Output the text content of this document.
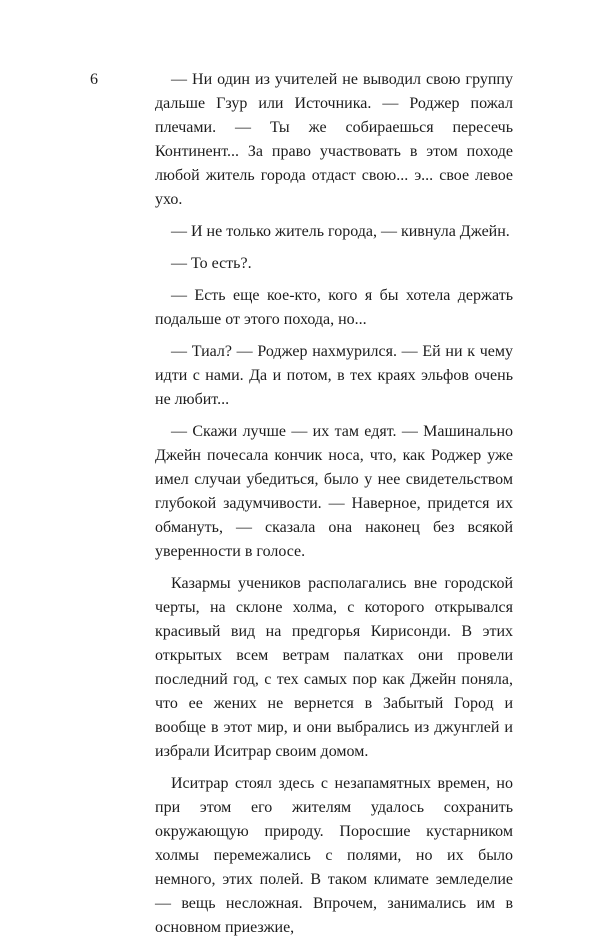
6	— Ни один из учителей не выводил свою группу дальше Гзур или Источника. — Роджер пожал плечами. — Ты же собираешься пересечь Континент... За право участвовать в этом походе любой житель города отдаст свою... э... свое левое ухо.

— И не только житель города, — кивнула Джейн.

— То есть?.

— Есть еще кое-кто, кого я бы хотела держать подальше от этого похода, но...

— Тиал? — Роджер нахмурился. — Ей ни к чему идти с нами. Да и потом, в тех краях эльфов очень не любит...

— Скажи лучше — их там едят. — Машинально Джейн почесала кончик носа, что, как Роджер уже имел случаи убедиться, было у нее свидетельством глубокой задумчивости. — Наверное, придется их обмануть, — сказала она наконец без всякой уверенности в голосе.

Казармы учеников располагались вне городской черты, на склоне холма, с которого открывался красивый вид на предгорья Кирисонди. В этих открытых всем ветрам палатках они провели последний год, с тех самых пор как Джейн поняла, что ее жених не вернется в Забытый Город и вообще в этот мир, и они выбрались из джунглей и избрали Иситрар своим домом.

Иситрар стоял здесь с незапамятных времен, но при этом его жителям удалось сохранить окружающую природу. Поросшие кустарником холмы перемежались с полями, но их было немного, этих полей. В таком климате земледелие — вещь несложная. Впрочем, занимались им в основном приезжие,
